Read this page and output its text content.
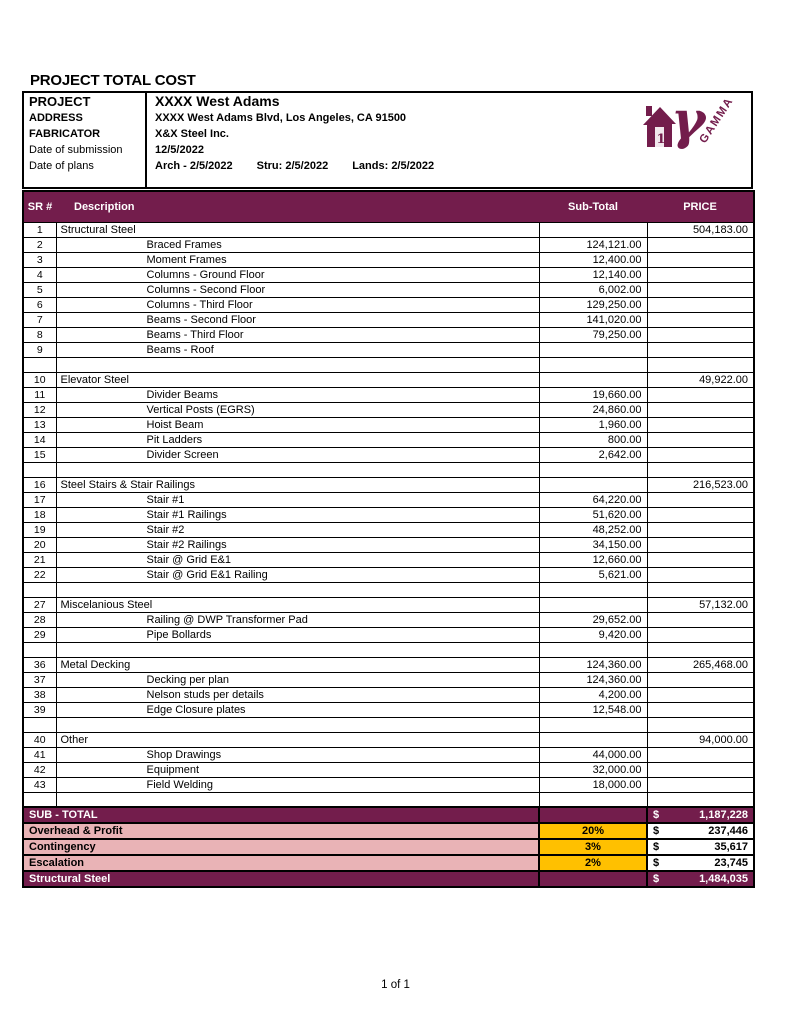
PROJECT TOTAL COST
PROJECT	XXXX West Adams
ADDRESS	XXXX West Adams Blvd, Los Angeles, CA 91500
FABRICATOR	X&X Steel Inc.
Date of submission	12/5/2022
Date of plans	Arch - 2/5/2022 Stru: 2/5/2022 Lands: 2/5/2022
1 γ
GAMMA
SR #	Description	Sub-Total	PRICE
1	Structural Steel		504,183.00
2	Braced Frames	124,121.00	
3	Moment Frames	12,400.00	
4	Columns - Ground Floor	12,140.00	
5	Columns - Second Floor	6,002.00	
6	Columns - Third Floor	129,250.00	
7	Beams - Second Floor	141,020.00	
8	Beams - Third Floor	79,250.00	
9	Beams - Roof		

10	Elevator Steel		49,922.00
11	Divider Beams	19,660.00	
12	Vertical Posts (EGRS)	24,860.00	
13	Hoist Beam	1,960.00	
14	Pit Ladders	800.00	
15	Divider Screen	2,642.00	

16	Steel Stairs & Stair Railings		216,523.00
17	Stair #1	64,220.00	
18	Stair #1 Railings	51,620.00	
19	Stair #2	48,252.00	
20	Stair #2 Railings	34,150.00	
21	Stair @ Grid E&1	12,660.00	
22	Stair @ Grid E&1 Railing	5,621.00	

27	Miscelanious Steel		57,132.00
28	Railing @ DWP Transformer Pad	29,652.00	
29	Pipe Bollards	9,420.00	

36	Metal Decking	124,360.00	265,468.00
37	Decking per plan	124,360.00	
38	Nelson studs per details	4,200.00	
39	Edge Closure plates	12,548.00	

40	Other		94,000.00
41	Shop Drawings	44,000.00	
42	Equipment	32,000.00	
43	Field Welding	18,000.00	

SUB - TOTAL			$ 1,187,228

Overhead & Profit		20%	$ 237,446

Contingency		3%	$ 35,617

Escalation		2%	$ 23,745

Structural Steel			$ 1,484,035
1 of 1
